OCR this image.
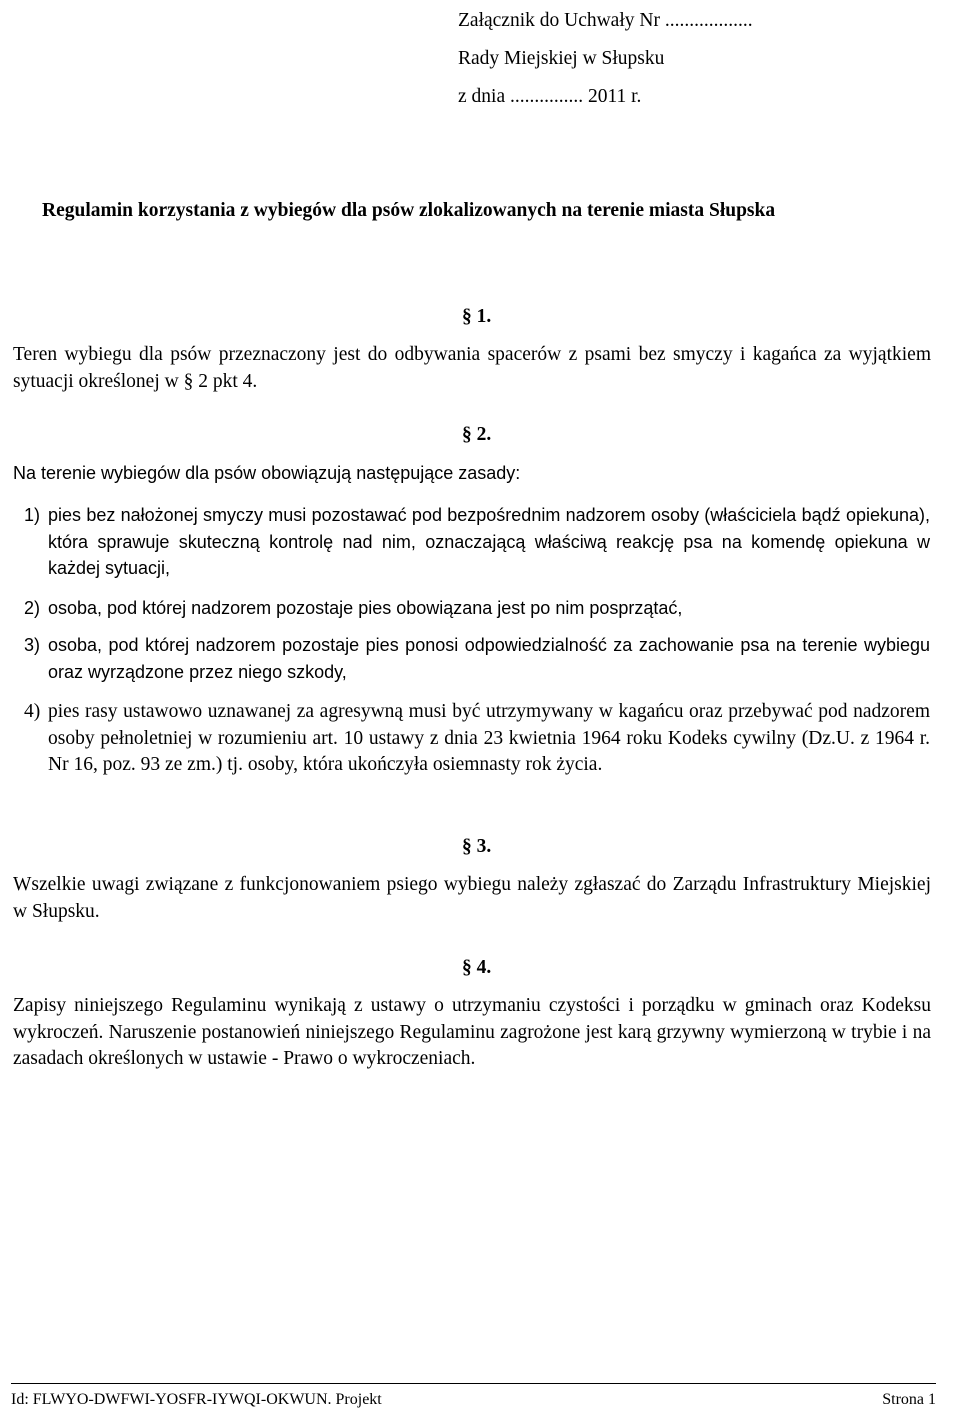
Załącznik do Uchwały Nr ..................
Rady Miejskiej w Słupsku
z dnia ............... 2011 r.
Regulamin korzystania z wybiegów dla psów zlokalizowanych na terenie miasta Słupska
§ 1.
Teren wybiegu dla psów przeznaczony jest do odbywania spacerów z psami bez smyczy i kagańca za wyjątkiem sytuacji określonej w § 2 pkt 4.
§ 2.
Na terenie wybiegów dla psów obowiązują następujące zasady:
1) pies bez nałożonej smyczy musi pozostawać pod bezpośrednim nadzorem osoby (właściciela bądź opiekuna), która sprawuje skuteczną kontrolę nad nim, oznaczającą właściwą reakcję psa na komendę opiekuna w każdej sytuacji,
2) osoba, pod której nadzorem pozostaje pies obowiązana jest po nim posprzątać,
3) osoba, pod której nadzorem pozostaje pies ponosi odpowiedzialność za zachowanie psa na terenie wybiegu oraz wyrządzone przez niego szkody,
4) pies rasy ustawowo uznawanej za agresywną musi być utrzymywany w kagańcu oraz przebywać pod nadzorem osoby pełnoletniej w rozumieniu art. 10 ustawy z dnia 23 kwietnia 1964 roku Kodeks cywilny (Dz.U. z 1964 r. Nr 16, poz. 93 ze zm.) tj. osoby, która ukończyła osiemnasty rok życia.
§ 3.
Wszelkie uwagi związane z funkcjonowaniem psiego wybiegu należy zgłaszać do Zarządu Infrastruktury Miejskiej w Słupsku.
§ 4.
Zapisy niniejszego Regulaminu wynikają z ustawy o utrzymaniu czystości i porządku w gminach oraz Kodeksu wykroczeń. Naruszenie postanowień niniejszego Regulaminu zagrożone jest karą grzywny wymierzoną w trybie i na zasadach określonych w ustawie - Prawo o wykroczeniach.
Id: FLWYO-DWFWI-YOSFR-IYWQI-OKWUN. Projekt	Strona 1
